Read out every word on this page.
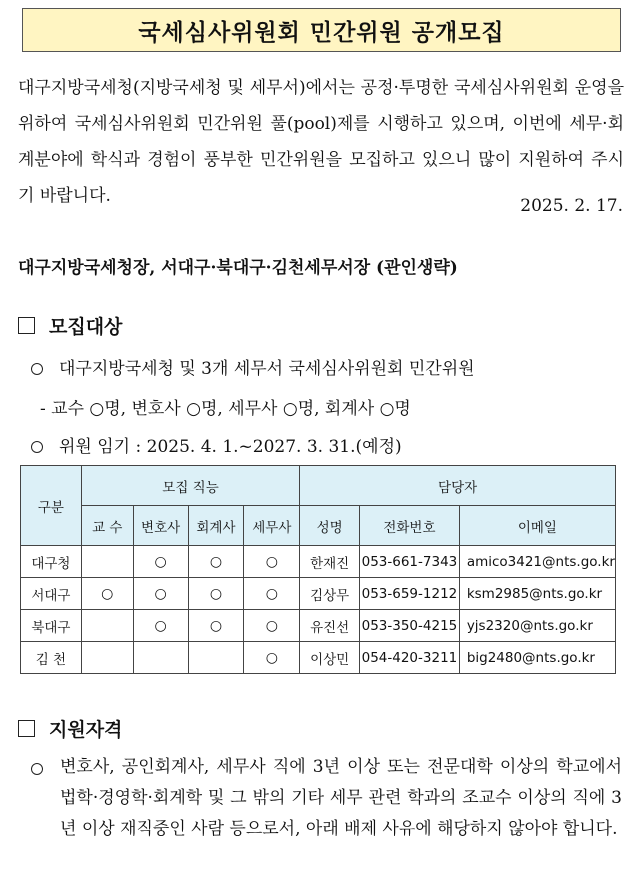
국세심사위원회 민간위원 공개모집

대구지방국세청(지방국세청 및 세무서)에서는 공정·투명한 국세심사위원회 운영을 위하여 국세심사위원회 민간위원 풀(pool)제를 시행하고 있으며, 이번에 세무·회계분야에 학식과 경험이 풍부한 민간위원을 모집하고 있으니 많이 지원하여 주시기 바랍니다.	2025. 2. 17.
대구지방국세청장, 서대구·북대구·김천세무서장 (관인생략)
모집대상
대구지방국세청 및 3개 세무서 국세심사위원회 민간위원
- 교수 ○명, 변호사 ○명, 세무사 ○명, 회계사 ○명
위원 임기 : 2025. 4. 1.~2027. 3. 31.(예정)
구분	모집 직능				담당자		
	교 수	변호사	회계사	세무사	성명	전화번호	이메일
대구청		○	○	○	한재진	053-661-7343	amico3421@nts.go.kr
서대구	○	○	○	○	김상무	053-659-1212	ksm2985@nts.go.kr
북대구		○	○	○	유진선	053-350-4215	yjs2320@nts.go.kr
김 천				○	이상민	054-420-3211	big2480@nts.go.kr
지원자격

변호사, 공인회계사, 세무사 직에 3년 이상 또는 전문대학 이상의 학교에서 법학·경영학·회계학 및 그 밖의 기타 세무 관련 학과의 조교수 이상의 직에 3년 이상 재직중인 사람 등으로서, 아래 배제 사유에 해당하지 않아야 합니다.
